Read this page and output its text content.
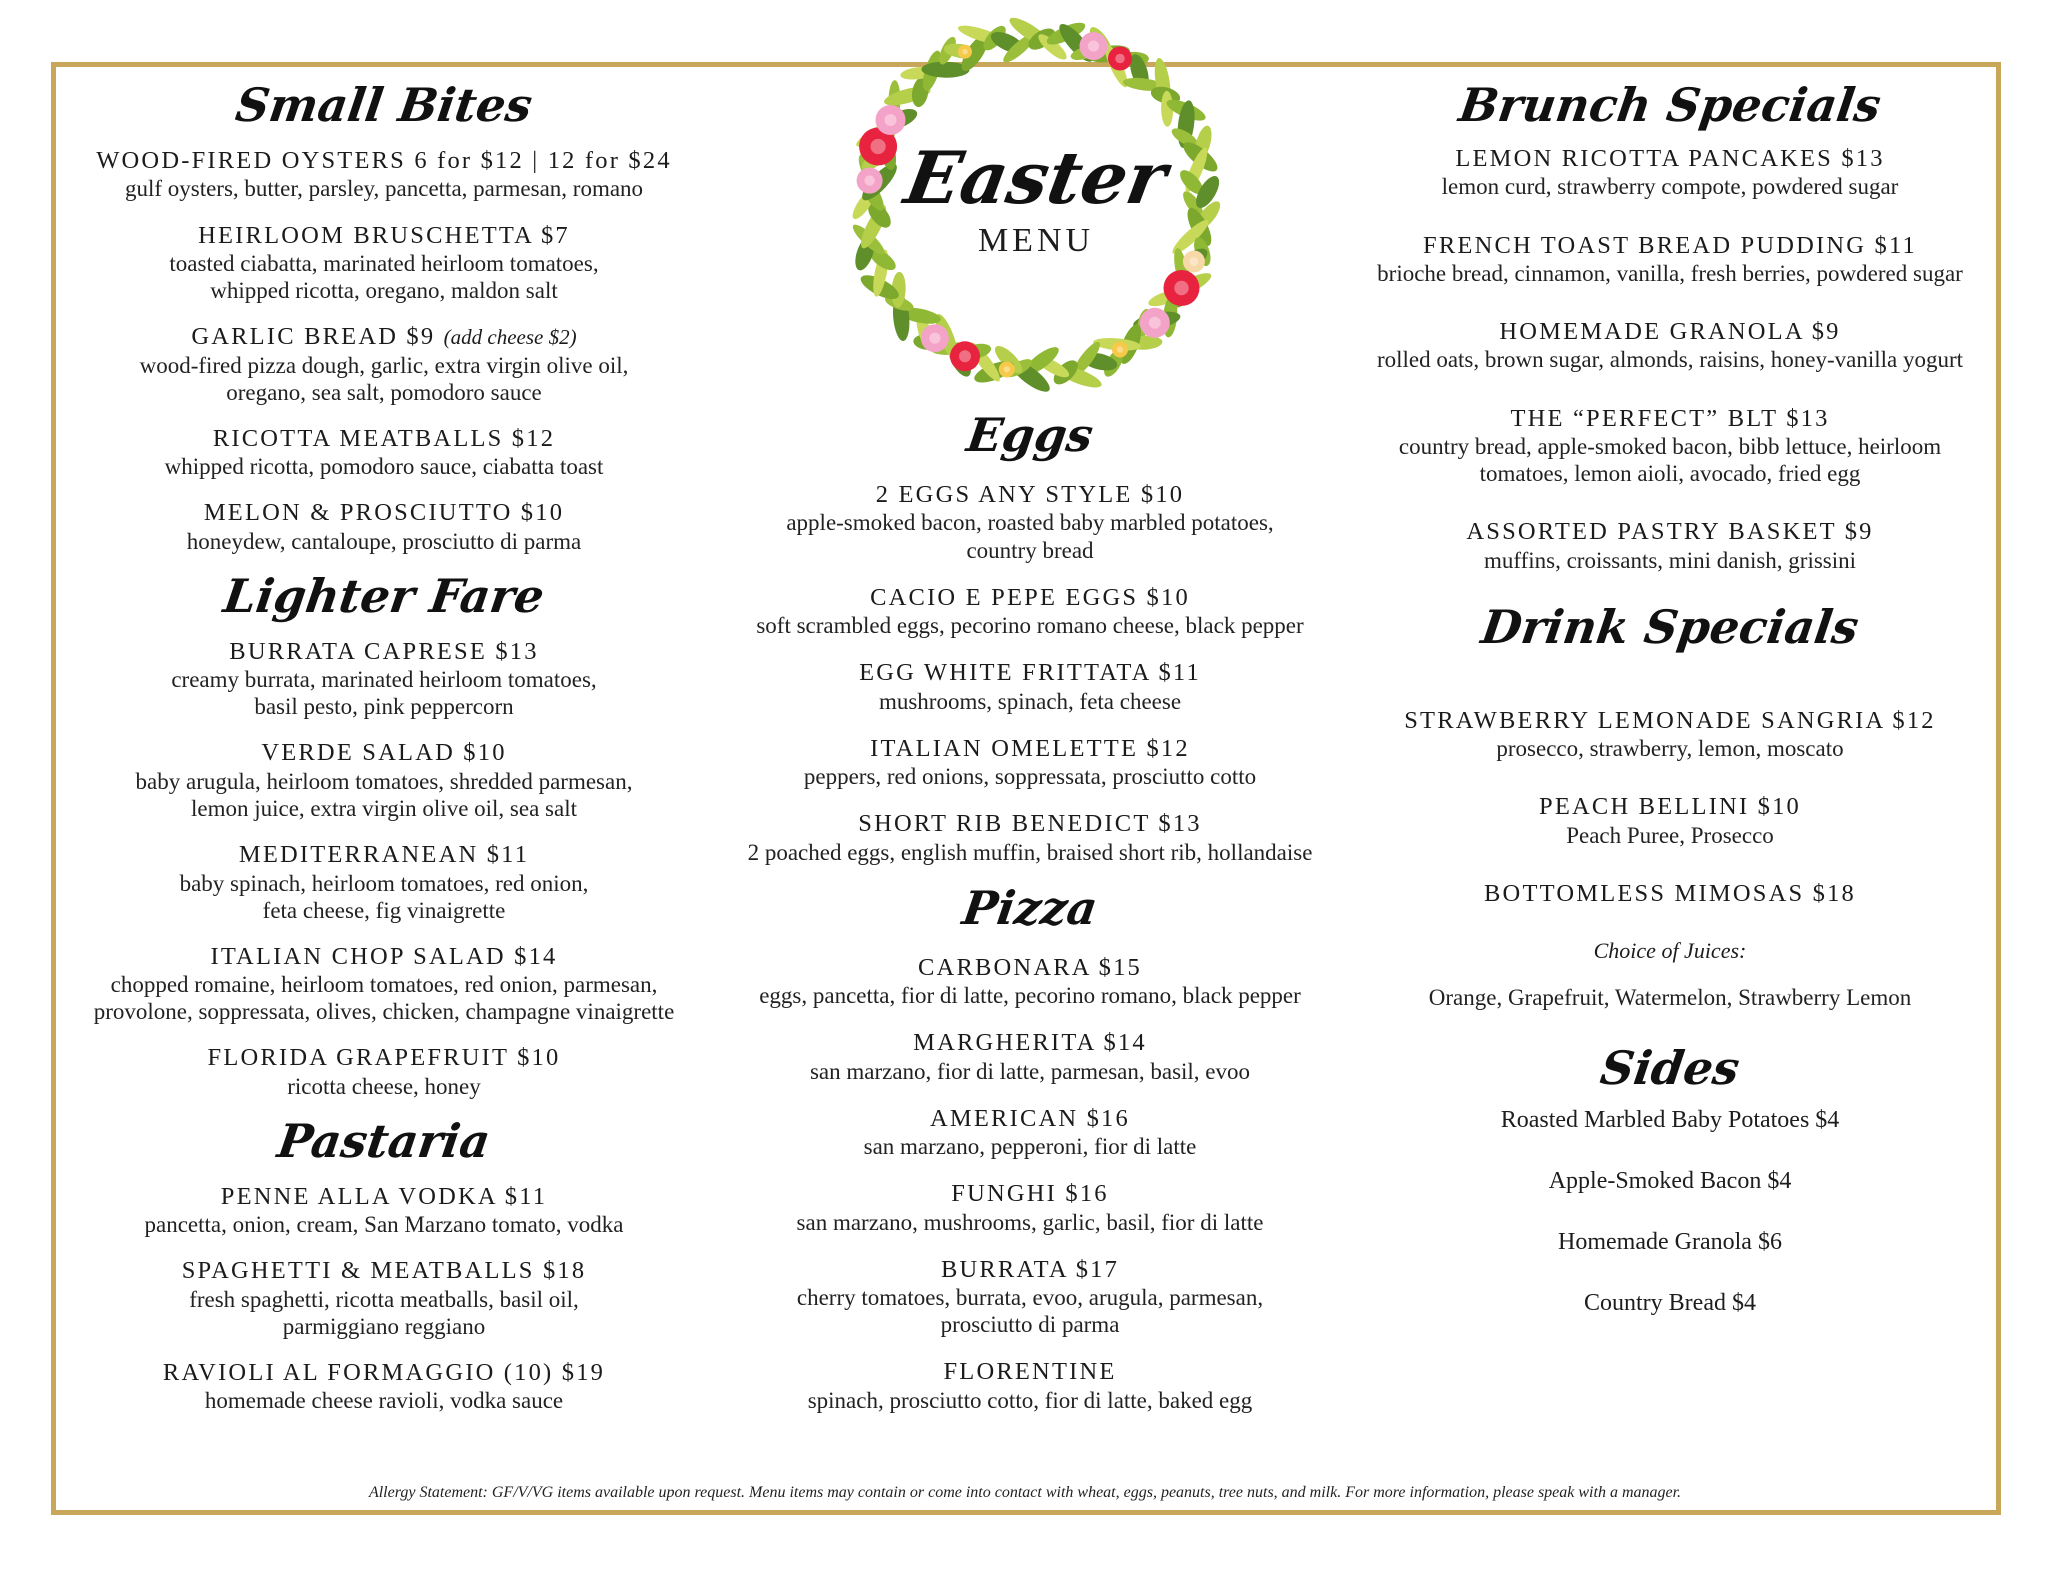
Easter
MENU
Small Bites
WOOD-FIRED OYSTERS 6 for $12 | 12 for $24
gulf oysters, butter, parsley, pancetta, parmesan, romano
HEIRLOOM BRUSCHETTA $7
toasted ciabatta, marinated heirloom tomatoes,
whipped ricotta, oregano, maldon salt
GARLIC BREAD $9 (add cheese $2)
wood-fired pizza dough, garlic, extra virgin olive oil,
oregano, sea salt, pomodoro sauce
RICOTTA MEATBALLS $12
whipped ricotta, pomodoro sauce, ciabatta toast
MELON & PROSCIUTTO $10
honeydew, cantaloupe, prosciutto di parma
Lighter Fare
BURRATA CAPRESE $13
creamy burrata, marinated heirloom tomatoes,
basil pesto, pink peppercorn
VERDE SALAD $10
baby arugula, heirloom tomatoes, shredded parmesan,
lemon juice, extra virgin olive oil, sea salt
MEDITERRANEAN $11
baby spinach, heirloom tomatoes, red onion,
feta cheese, fig vinaigrette
ITALIAN CHOP SALAD $14
chopped romaine, heirloom tomatoes, red onion, parmesan,
provolone, soppressata, olives, chicken, champagne vinaigrette
FLORIDA GRAPEFRUIT $10
ricotta cheese, honey
Pastaria
PENNE ALLA VODKA $11
pancetta, onion, cream, San Marzano tomato, vodka
SPAGHETTI & MEATBALLS $18
fresh spaghetti, ricotta meatballs, basil oil,
parmiggiano reggiano
RAVIOLI AL FORMAGGIO (10) $19
homemade cheese ravioli, vodka sauce
Eggs
2 EGGS ANY STYLE $10
apple-smoked bacon, roasted baby marbled potatoes,
country bread
CACIO E PEPE EGGS $10
soft scrambled eggs, pecorino romano cheese, black pepper
EGG WHITE FRITTATA $11
mushrooms, spinach, feta cheese
ITALIAN OMELETTE $12
peppers, red onions, soppressata, prosciutto cotto
SHORT RIB BENEDICT $13
2 poached eggs, english muffin, braised short rib, hollandaise
Pizza
CARBONARA $15
eggs, pancetta, fior di latte, pecorino romano, black pepper
MARGHERITA $14
san marzano, fior di latte, parmesan, basil, evoo
AMERICAN $16
san marzano, pepperoni, fior di latte
FUNGHI $16
san marzano, mushrooms, garlic, basil, fior di latte
BURRATA $17
cherry tomatoes, burrata, evoo, arugula, parmesan,
prosciutto di parma
FLORENTINE
spinach, prosciutto cotto, fior di latte, baked egg
Brunch Specials
LEMON RICOTTA PANCAKES $13
lemon curd, strawberry compote, powdered sugar
FRENCH TOAST BREAD PUDDING $11
brioche bread, cinnamon, vanilla, fresh berries, powdered sugar
HOMEMADE GRANOLA $9
rolled oats, brown sugar, almonds, raisins, honey-vanilla yogurt
THE “PERFECT” BLT $13
country bread, apple-smoked bacon, bibb lettuce, heirloom
tomatoes, lemon aioli, avocado, fried egg
ASSORTED PASTRY BASKET $9
muffins, croissants, mini danish, grissini
Drink Specials
STRAWBERRY LEMONADE SANGRIA $12
prosecco, strawberry, lemon, moscato
PEACH BELLINI $10
Peach Puree, Prosecco
BOTTOMLESS MIMOSAS $18
Choice of Juices:
Orange, Grapefruit, Watermelon, Strawberry Lemon
Sides
Roasted Marbled Baby Potatoes $4
Apple-Smoked Bacon $4
Homemade Granola $6
Country Bread $4
Allergy Statement: GF/V/VG items available upon request. Menu items may contain or come into contact with wheat, eggs, peanuts, tree nuts, and milk. For more information, please speak with a manager.
